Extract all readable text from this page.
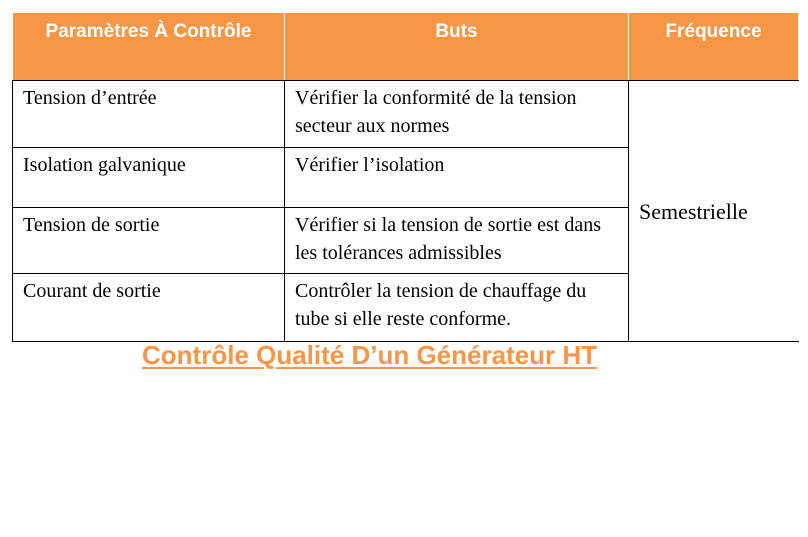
Paramètres À Contrôle	Buts	Fréquence
Tension d’entrée	Vérifier la conformité de la tension secteur aux normes	Semestrielle
Isolation galvanique	Vérifier l’isolation	
Tension de sortie	Vérifier si la tension de sortie est dans les tolérances admissibles	
Courant de sortie	Contrôler la tension de chauffage du tube si elle reste conforme.	
Contrôle Qualité D’un Générateur HT
